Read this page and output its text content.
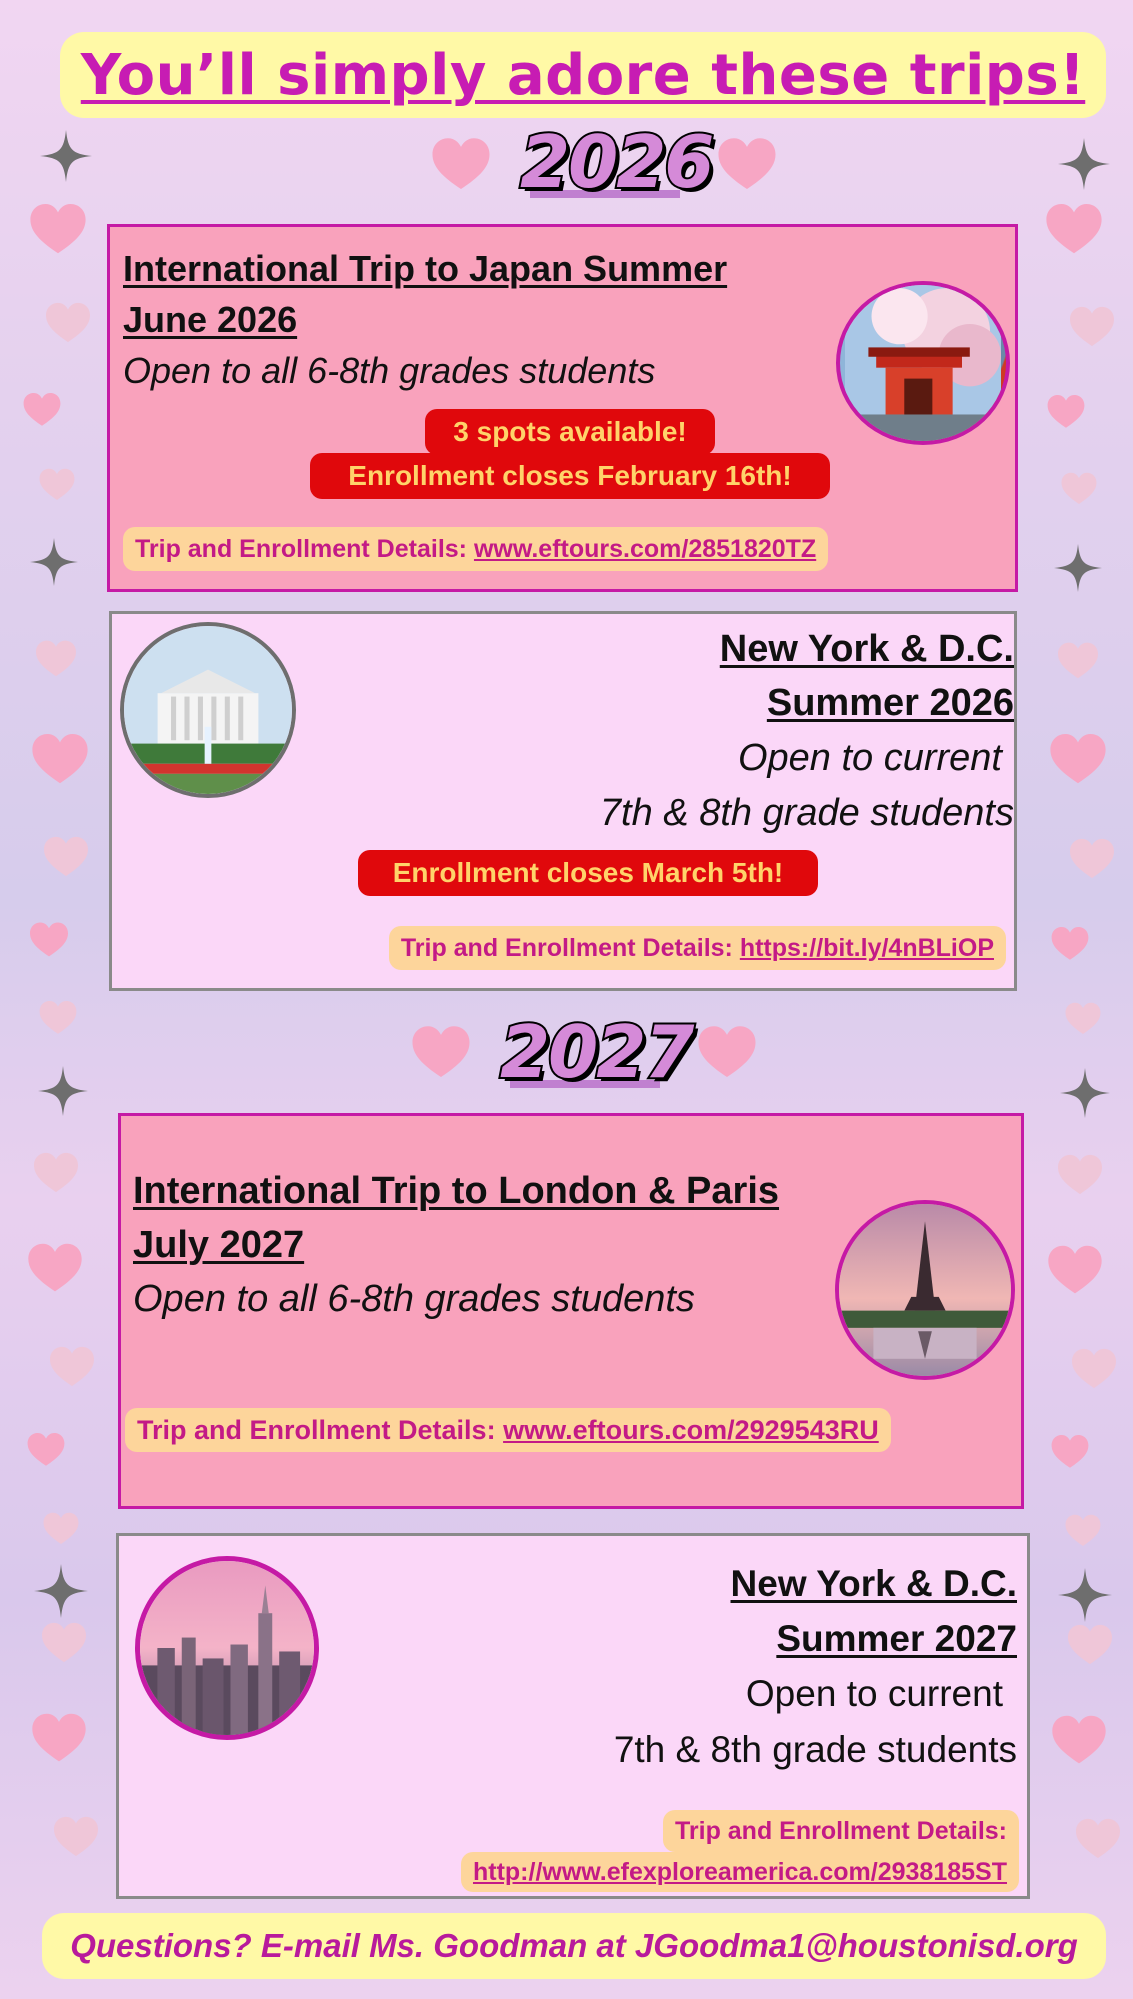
You’ll simply adore these trips!
2026
International Trip to Japan Summer
June 2026
Open to all 6-8th grades students
3 spots available!
Enrollment closes February 16th!
Trip and Enrollment Details: www.eftours.com/2851820TZ
New York & D.C.
Summer 2026
Open to current
7th & 8th grade students
Enrollment closes March 5th!
Trip and Enrollment Details: https://bit.ly/4nBLiOP
2027
International Trip to London & Paris
July 2027
Open to all 6-8th grades students
Trip and Enrollment Details: www.eftours.com/2929543RU
New York & D.C.
Summer 2027
Open to current
7th & 8th grade students
Trip and Enrollment Details:
http://www.efexploreamerica.com/2938185ST
Questions? E-mail Ms. Goodman at JGoodma1@houstonisd.org
